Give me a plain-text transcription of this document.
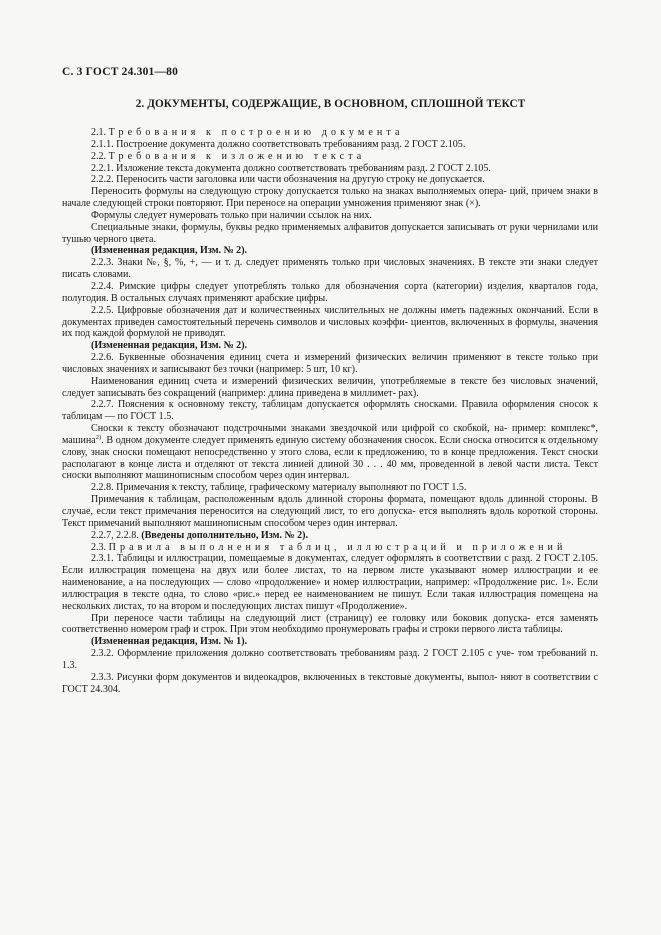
С. 3 ГОСТ 24.301—80
2. ДОКУМЕНТЫ, СОДЕРЖАЩИЕ, В ОСНОВНОМ, СПЛОШНОЙ ТЕКСТ

2.1. Требования к построению документа

2.1.1. Построение документа должно соответствовать требованиям разд. 2 ГОСТ 2.105.

2.2. Требования к изложению текста

2.2.1. Изложение текста документа должно соответствовать требованиям разд. 2 ГОСТ 2.105.

2.2.2. Переносить части заголовка или части обозначения на другую строку не допускается.

Переносить формулы на следующую строку допускается только на знаках выполняемых опера- ций, причем знаки в начале следующей строки повторяют. При переносе на операции умножения применяют знак (×).

Формулы следует нумеровать только при наличии ссылок на них.

Специальные знаки, формулы, буквы редко применяемых алфавитов допускается записывать от руки чернилами или тушью черного цвета.

(Измененная редакция, Изм. № 2).

2.2.3. Знаки №, §, %, +, — и т. д. следует применять только при числовых значениях. В тексте эти знаки следует писать словами.

2.2.4. Римские цифры следует употреблять только для обозначения сорта (категории) изделия, кварталов года, полугодия. В остальных случаях применяют арабские цифры.

2.2.5. Цифровые обозначения дат и количественных числительных не должны иметь падежных окончаний. Если в документах приведен самостоятельный перечень символов и числовых коэффи- циентов, включенных в формулы, значения их под каждой формулой не приводят.

(Измененная редакция, Изм. № 2).

2.2.6. Буквенные обозначения единиц счета и измерений физических величин применяют в тексте только при числовых значениях и записывают без точки (например: 5 шт, 10 кг).

Наименования единиц счета и измерений физических величин, употребляемые в тексте без числовых значений, следует записывать без сокращений (например: длина приведена в миллимет- рах).

2.2.7. Пояснения к основному тексту, таблицам допускается оформлять сносками. Правила оформления сносок к таблицам — по ГОСТ 1.5.

Сноски к тексту обозначают подстрочными знаками звездочкой или цифрой со скобкой, на- пример: комплекс*, машина$^{2)}$. В одном документе следует применять единую систему обозначения сносок. Если сноска относится к отдельному слову, знак сноски помещают непосредственно у этого слова, если к предложению, то в конце предложения. Текст сноски располагают в конце листа и отделяют от текста линией длиной 30 . . . 40 мм, проведенной в левой части листа. Текст сноски выполняют машинописным способом через один интервал.

2.2.8. Примечания к тексту, таблице, графическому материалу выполняют по ГОСТ 1.5.

Примечания к таблицам, расположенным вдоль длинной стороны формата, помещают вдоль длинной стороны. В случае, если текст примечания переносится на следующий лист, то его допуска- ется выполнять вдоль короткой стороны. Текст примечаний выполняют машинописным способом через один интервал.

2.2.7, 2.2.8. (Введены дополнительно, Изм. № 2).

2.3. Правила выполнения таблиц, иллюстраций и приложений

2.3.1. Таблицы и иллюстрации, помещаемые в документах, следует оформлять в соответствии с разд. 2 ГОСТ 2.105. Если иллюстрация помещена на двух или более листах, то на первом листе указывают номер иллюстрации и ее наименование, а на последующих — слово «продолжение» и номер иллюстрации, например: «Продолжение рис. 1». Если иллюстрация в тексте одна, то слово «рис.» перед ее наименованием не пишут. Если такая иллюстрация помещена на нескольких листах, то на втором и последующих листах пишут «Продолжение».

При переносе части таблицы на следующий лист (страницу) ее головку или боковик допуска- ется заменять соответственно номером граф и строк. При этом необходимо пронумеровать графы и строки первого листа таблицы.

(Измененная редакция, Изм. № 1).

2.3.2. Оформление приложения должно соответствовать требованиям разд. 2 ГОСТ 2.105 с уче- том требований п. 1.3.

2.3.3. Рисунки форм документов и видеокадров, включенных в текстовые документы, выпол- няют в соответствии с ГОСТ 24.304.
